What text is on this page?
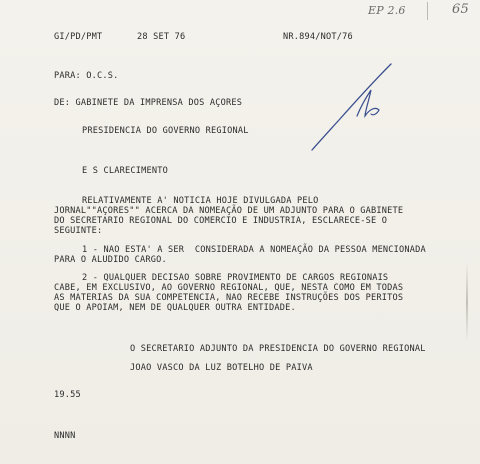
EP 2.6	65
GI/PD/PMT	28 SET 76	NR.894/NOT/76
PARA: O.C.S.
DE: GABINETE DA IMPRENSA DOS AÇORES
PRESIDENCIA DO GOVERNO REGIONAL
E S CLARECIMENTO
RELATIVAMENTE A' NOTICIA HOJE DIVULGADA PELO
JORNAL""AÇORES"" ACERCA DA NOMEAÇÃO DE UM ADJUNTO PARA O GABINETE
DO SECRETARIO REGIONAL DO COMERCIO E INDUSTRIA, ESCLARECE-SE O
SEGUINTE:
1 - NAO ESTA' A SER  CONSIDERADA A NOMEAÇÃO DA PESSOA MENCIONADA
PARA O ALUDIDO CARGO.
2 - QUALQUER DECISAO SOBRE PROVIMENTO DE CARGOS REGIONAIS
CABE, EM EXCLUSIVO, AO GOVERNO REGIONAL, QUE, NESTA COMO EM TODAS
AS MATERIAS DA SUA COMPETENCIA, NAO RECEBE INSTRUÇÕES DOS PERITOS
QUE O APOIAM, NEM DE QUALQUER OUTRA ENTIDADE.
O SECRETARIO ADJUNTO DA PRESIDENCIA DO GOVERNO REGIONAL
JOAO VASCO DA LUZ BOTELHO DE PAIVA
19.55
NNNN
